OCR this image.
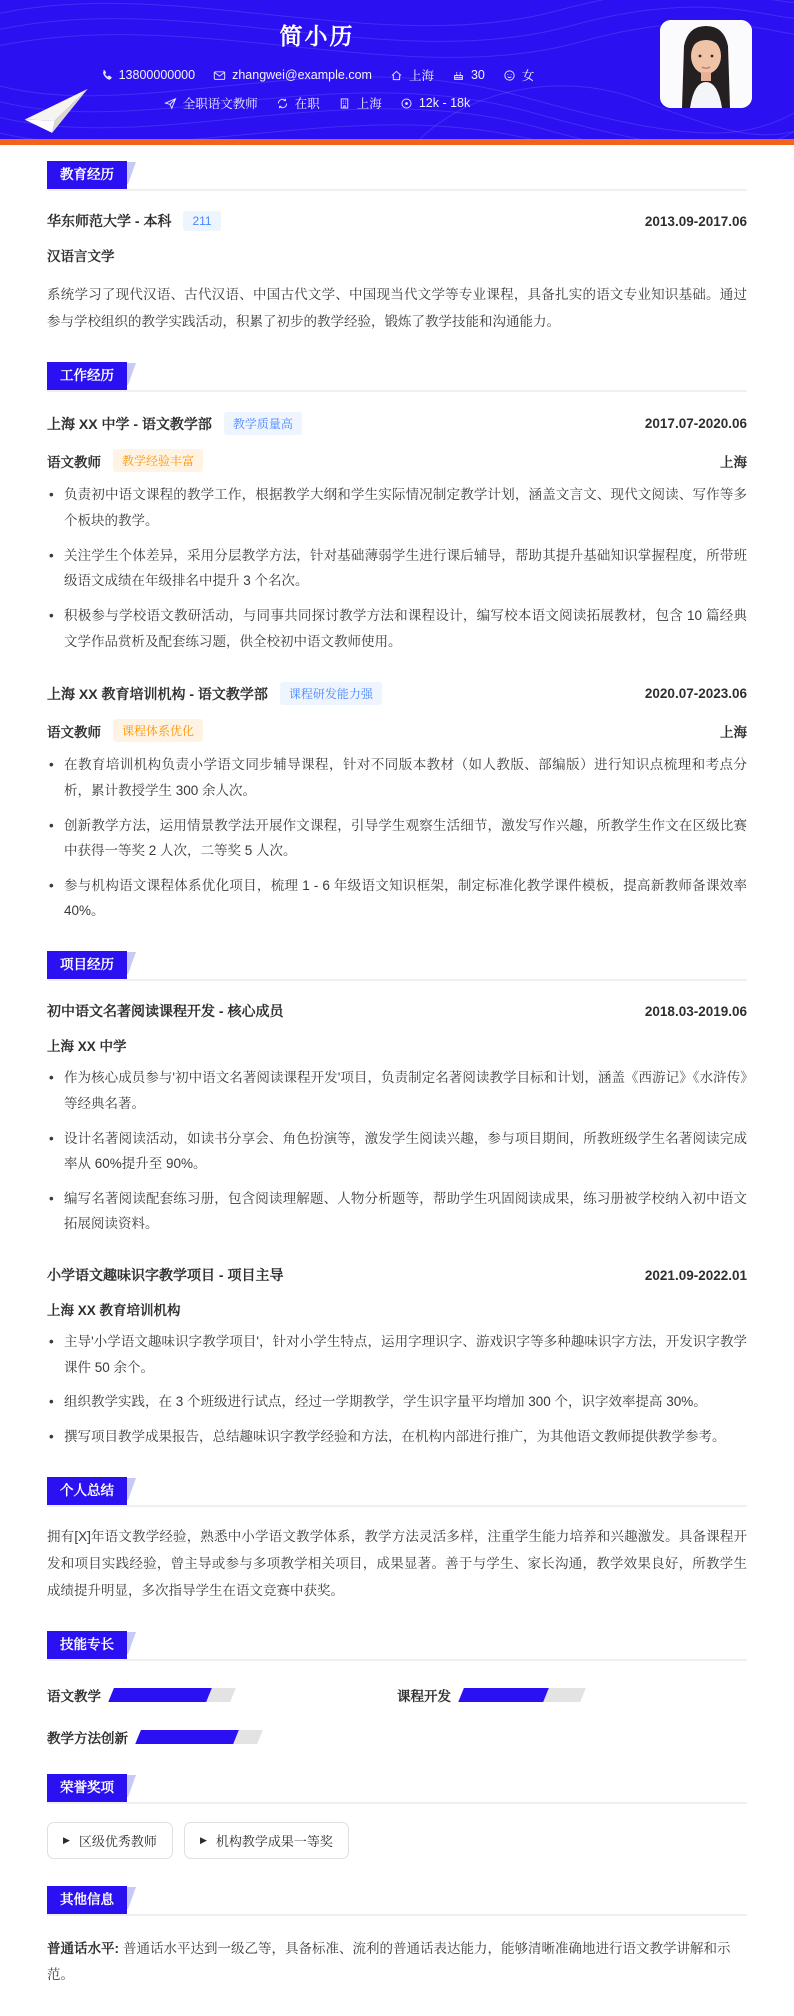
简小历
13800000000	zhangwei@example.com	上海	30	女
全职语文教师	在职	上海	12k - 18k
教育经历
华东师范大学 - 本科	211	2013.09-2017.06
汉语言文学

系统学习了现代汉语、古代汉语、中国古代文学、中国现当代文学等专业课程，具备扎实的语文专业知识基础。通过参与学校组织的教学实践活动，积累了初步的教学经验，锻炼了教学技能和沟通能力。

工作经历
上海 XX 中学 - 语文教学部	教学质量高	2017.07-2020.06
语文教师	教学经验丰富	上海
• 负责初中语文课程的教学工作，根据教学大纲和学生实际情况制定教学计划，涵盖文言文、现代文阅读、写作等多个板块的教学。
• 关注学生个体差异，采用分层教学方法，针对基础薄弱学生进行课后辅导，帮助其提升基础知识掌握程度，所带班级语文成绩在年级排名中提升 3 个名次。
• 积极参与学校语文教研活动，与同事共同探讨教学方法和课程设计，编写校本语文阅读拓展教材，包含 10 篇经典文学作品赏析及配套练习题，供全校初中语文教师使用。
上海 XX 教育培训机构 - 语文教学部	课程研发能力强	2020.07-2023.06
语文教师	课程体系优化	上海
• 在教育培训机构负责小学语文同步辅导课程，针对不同版本教材（如人教版、部编版）进行知识点梳理和考点分析，累计教授学生 300 余人次。
• 创新教学方法，运用情景教学法开展作文课程，引导学生观察生活细节，激发写作兴趣，所教学生作文在区级比赛中获得一等奖 2 人次，二等奖 5 人次。
• 参与机构语文课程体系优化项目，梳理 1 - 6 年级语文知识框架，制定标准化教学课件模板，提高新教师备课效率 40%。
项目经历
初中语文名著阅读课程开发 - 核心成员	2018.03-2019.06
上海 XX 中学
• 作为核心成员参与'初中语文名著阅读课程开发'项目，负责制定名著阅读教学目标和计划，涵盖《西游记》《水浒传》等经典名著。
• 设计名著阅读活动，如读书分享会、角色扮演等，激发学生阅读兴趣，参与项目期间，所教班级学生名著阅读完成率从 60%提升至 90%。
• 编写名著阅读配套练习册，包含阅读理解题、人物分析题等，帮助学生巩固阅读成果，练习册被学校纳入初中语文拓展阅读资料。
小学语文趣味识字教学项目 - 项目主导	2021.09-2022.01
上海 XX 教育培训机构
• 主导'小学语文趣味识字教学项目'，针对小学生特点，运用字理识字、游戏识字等多种趣味识字方法，开发识字教学课件 50 余个。
• 组织教学实践，在 3 个班级进行试点，经过一学期教学，学生识字量平均增加 300 个，识字效率提高 30%。
• 撰写项目教学成果报告，总结趣味识字教学经验和方法，在机构内部进行推广，为其他语文教师提供教学参考。
个人总结

拥有[X]年语文教学经验，熟悉中小学语文教学体系，教学方法灵活多样，注重学生能力培养和兴趣激发。具备课程开发和项目实践经验，曾主导或参与多项教学相关项目，成果显著。善于与学生、家长沟通，教学效果良好，所教学生成绩提升明显，多次指导学生在语文竞赛中获奖。

技能专长
语文教学	课程开发
教学方法创新
荣誉奖项
▶ 区级优秀教师	▶ 机构教学成果一等奖
其他信息

普通话水平: 普通话水平达到一级乙等，具备标准、流利的普通话表达能力，能够清晰准确地进行语文教学讲解和示范。
